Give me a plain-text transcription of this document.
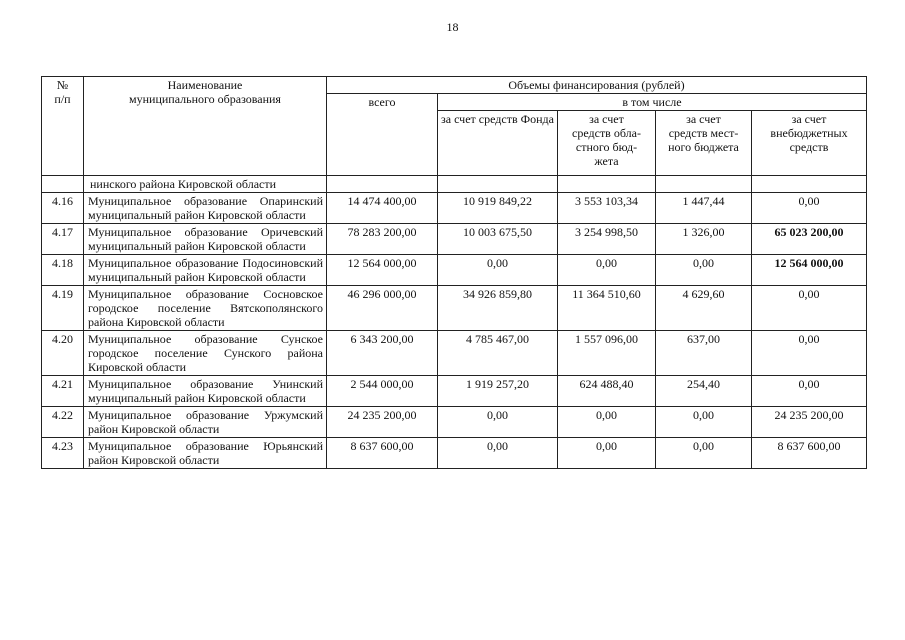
18
№
п/п	Наименование
муниципального образования	Объемы финансирования (рублей)				
		всего	в том числе			
			за счет средств Фонда	за счет
средств обла-
стного бюд-
жета	за счет
средств мест-
ного бюджета	за счет
внебюджетных
средств

	нинского района Кировской области					
4.16	Муниципальное образование Опаринский муниципальный район Кировской области	14 474 400,00	10 919 849,22	3 553 103,34	1 447,44	0,00
4.17	Муниципальное образование Оричевский муниципальный район Кировской области	78 283 200,00	10 003 675,50	3 254 998,50	1 326,00	65 023 200,00
4.18	Муниципальное образование Подосиновский муниципальный район Кировской области	12 564 000,00	0,00	0,00	0,00	12 564 000,00
4.19	Муниципальное образование Сосновское городское поселение Вятскополянского района Кировской области	46 296 000,00	34 926 859,80	11 364 510,60	4 629,60	0,00
4.20	Муниципальное образование Сунское городское поселение Сунского района Кировской области	6 343 200,00	4 785 467,00	1 557 096,00	637,00	0,00
4.21	Муниципальное образование Унинский муниципальный район Кировской области	2 544 000,00	1 919 257,20	624 488,40	254,40	0,00
4.22	Муниципальное образование Уржумский район Кировской области	24 235 200,00	0,00	0,00	0,00	24 235 200,00
4.23	Муниципальное образование Юрьянский район Кировской области	8 637 600,00	0,00	0,00	0,00	8 637 600,00
